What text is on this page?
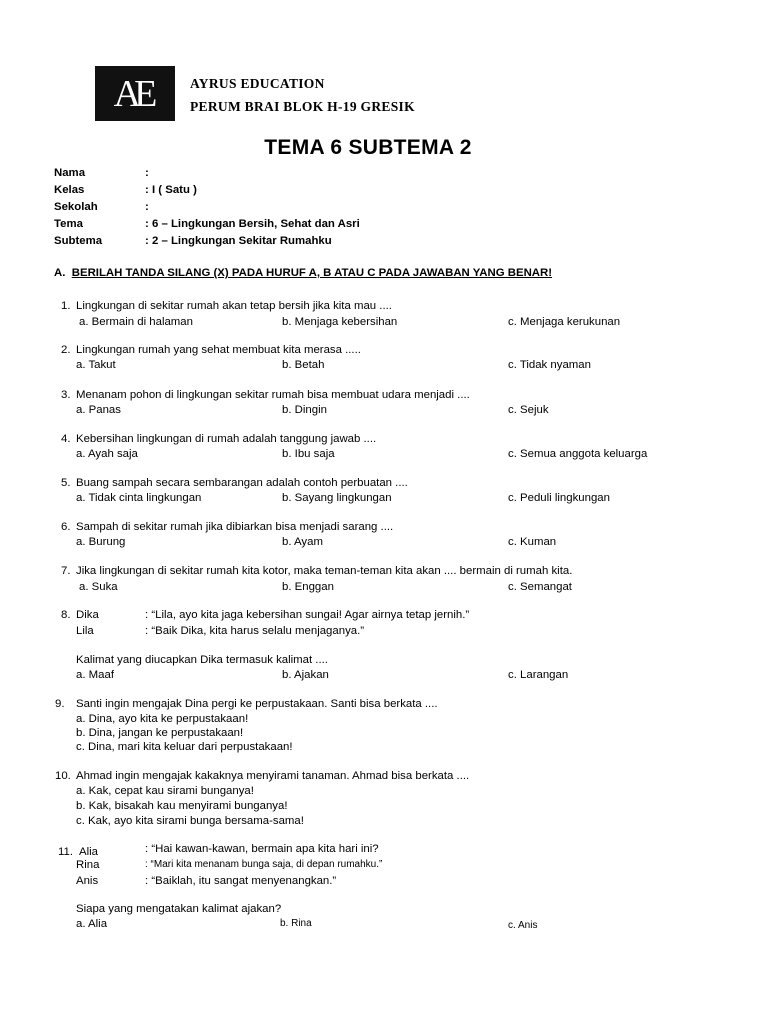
AE	AYRUS EDUCATION
PERUM BRAI BLOK H-19 GRESIK
TEMA 6 SUBTEMA 2
Nama	:
Kelas	: I ( Satu )
Sekolah	:
Tema	: 6 – Lingkungan Bersih, Sehat dan Asri
Subtema	: 2 – Lingkungan Sekitar Rumahku
A. BERILAH TANDA SILANG (X) PADA HURUF A, B ATAU C PADA JAWABAN YANG BENAR!
1. Lingkungan di sekitar rumah akan tetap bersih jika kita mau ....
a. Bermain di halaman	b. Menjaga kebersihan	c. Menjaga kerukunan
2. Lingkungan rumah yang sehat membuat kita merasa .....
a. Takut	b. Betah	c. Tidak nyaman
3. Menanam pohon di lingkungan sekitar rumah bisa membuat udara menjadi ....
a. Panas	b. Dingin	c. Sejuk
4. Kebersihan lingkungan di rumah adalah tanggung jawab ....
a. Ayah saja	b. Ibu saja	c. Semua anggota keluarga
5. Buang sampah secara sembarangan adalah contoh perbuatan ....
a. Tidak cinta lingkungan	b. Sayang lingkungan	c. Peduli lingkungan
6. Sampah di sekitar rumah jika dibiarkan bisa menjadi sarang ....
a. Burung	b. Ayam	c. Kuman
7. Jika lingkungan di sekitar rumah kita kotor, maka teman-teman kita akan .... bermain di rumah kita.
a. Suka	b. Enggan	c. Semangat
8. Dika	: “Lila, ayo kita jaga kebersihan sungai! Agar airnya tetap jernih.”
Lila	: “Baik Dika, kita harus selalu menjaganya.”
Kalimat yang diucapkan Dika termasuk kalimat ....
a. Maaf	b. Ajakan	c. Larangan
9. Santi ingin mengajak Dina pergi ke perpustakaan. Santi bisa berkata ....
a. Dina, ayo kita ke perpustakaan!
b. Dina, jangan ke perpustakaan!
c. Dina, mari kita keluar dari perpustakaan!
10. Ahmad ingin mengajak kakaknya menyirami tanaman. Ahmad bisa berkata ....
a. Kak, cepat kau sirami bunganya!
b. Kak, bisakah kau menyirami bunganya!
c. Kak, ayo kita sirami bunga bersama-sama!
11. Alia	: “Hai kawan-kawan, bermain apa kita hari ini?
Rina	: “Mari kita menanam bunga saja, di depan rumahku.”
Anis	: “Baiklah, itu sangat menyenangkan.”
Siapa yang mengatakan kalimat ajakan?
a. Alia	b. Rina	c. Anis
